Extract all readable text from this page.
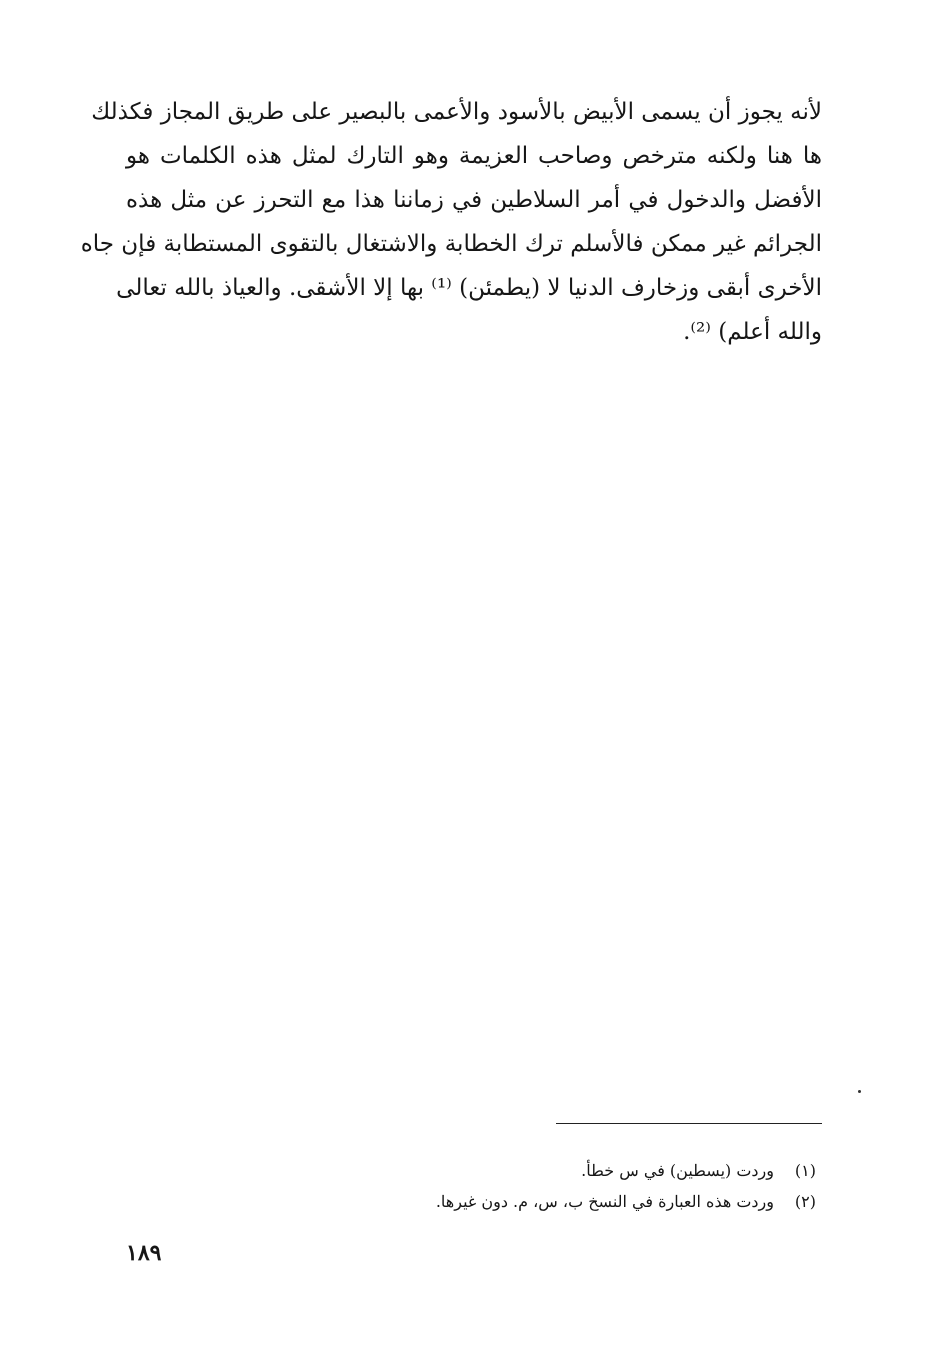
لأنه يجوز أن يسمى الأبيض بالأسود والأعمى بالبصير على طريق المجاز فكذلك
ها هنا ولكنه مترخص وصاحب العزيمة وهو التارك لمثل هذه الكلمات هو
الأفضل والدخول في أمر السلاطين في زماننا هذا مع التحرز عن مثل هذه
الجرائم غير ممكن فالأسلم ترك الخطابة والاشتغال بالتقوى المستطابة فإن جاه
الأخرى أبقى وزخارف الدنيا لا (يطمئن) ⁽¹⁾ بها إلا الأشقى. والعياذ بالله تعالى
والله أعلم) ⁽²⁾.
(١)
وردت (يسطين) في س خطأ.
(٢)
وردت هذه العبارة في النسخ ب، س، م. دون غيرها.
١٨٩
